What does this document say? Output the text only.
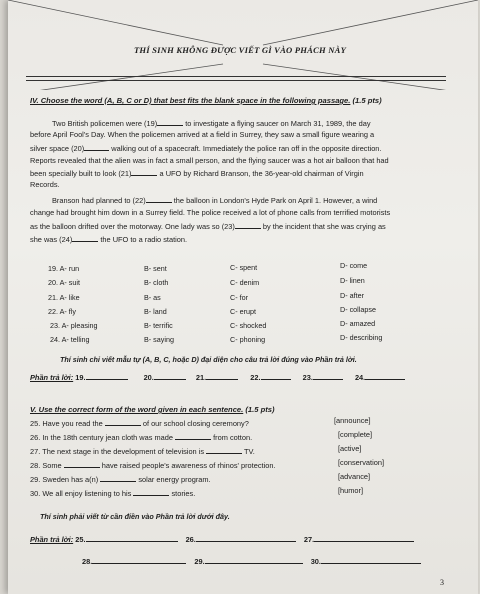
THÍ SINH KHÔNG ĐƯỢC VIẾT GÌ VÀO PHÁCH NÀY
IV. Choose the word (A, B, C or D) that best fits the blank space in the following passage. (1.5 pts)
Two British policemen were (19)	to investigate a flying saucer on March 31, 1989, the day
before April Fool's Day. When the policemen arrived at a field in Surrey, they saw a small figure wearing a
silver space (20)	walking out of a spacecraft. Immediately the police ran off in the opposite direction.
Reports revealed that the alien was in fact a small person, and the flying saucer was a hot air balloon that had
been specially built to look (21)	a UFO by Richard Branson, the 36-year-old chairman of Virgin
Records.
Branson had planned to (22)	the balloon in London's Hyde Park on April 1. However, a wind
change had brought him down in a Surrey field. The police received a lot of phone calls from terrified motorists
as the balloon drifted over the motorway. One lady was so (23)	by the incident that she was crying as
she was (24)	the UFO to a radio station.
19. A- run	B- sent	C- spent	D- come
20. A- suit	B- cloth	C- denim	D- linen
21. A- like	B- as	C- for	D- after
22. A- fly	B- land	C- erupt	D- collapse
23. A- pleasing	B- terrific	C- shocked	D- amazed
24. A- telling	B- saying	C- phoning	D- describing
Thí sinh chỉ viết mẫu tự (A, B, C, hoặc D) đại diện cho câu trả lời đúng vào Phần trả lời.
Phần trả lời: 19.	20.	21.	22.	23.	24.
V. Use the correct form of the word given in each sentence. (1.5 pts)
25. Have you read the	of our school closing ceremony?	[announce]
26. In the 18th century jean cloth was made	from cotton.	[complete]
27. The next stage in the development of television is	TV.	[active]
28. Some	have raised people's awareness of rhinos' protection.	[conservation]
29. Sweden has a(n)	solar energy program.	[advance]
30. We all enjoy listening to his	stories.	[humor]
Thí sinh phải viết từ cần điền vào Phần trả lời dưới đây.
Phần trả lời: 25.	26.	27.
28.	29.	30.
3
